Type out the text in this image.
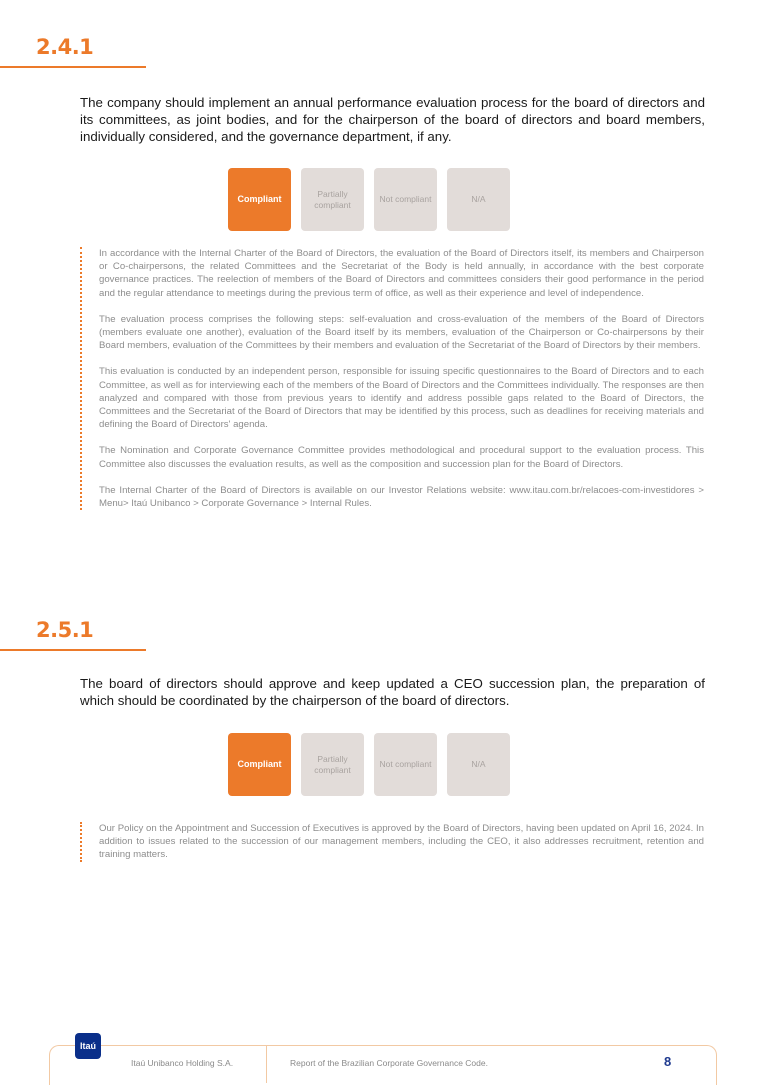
2.4.1
The company should implement an annual performance evaluation process for the board of directors and its committees, as joint bodies, and for the chairperson of the board of directors and board members, individually considered, and the governance department, if any.
Compliant
Partially compliant
Not compliant	N/A

In accordance with the Internal Charter of the Board of Directors, the evaluation of the Board of Directors itself, its members and Chairperson or Co-chairpersons, the related Committees and the Secretariat of the Body is held annually, in accordance with the best corporate governance practices. The reelection of members of the Board of Directors and committees considers their good performance in the period and the regular attendance to meetings during the previous term of office, as well as their experience and level of independence.

The evaluation process comprises the following steps: self-evaluation and cross-evaluation of the members of the Board of Directors (members evaluate one another), evaluation of the Board itself by its members, evaluation of the Chairperson or Co-chairpersons by their Board members, evaluation of the Committees by their members and evaluation of the Secretariat of the Board of Directors by their members.

This evaluation is conducted by an independent person, responsible for issuing specific questionnaires to the Board of Directors and to each Committee, as well as for interviewing each of the members of the Board of Directors and the Committees individually. The responses are then analyzed and compared with those from previous years to identify and address possible gaps related to the Board of Directors, the Committees and the Secretariat of the Board of Directors that may be identified by this process, such as deadlines for receiving materials and defining the Board of Directors' agenda.

The Nomination and Corporate Governance Committee provides methodological and procedural support to the evaluation process. This Committee also discusses the evaluation results, as well as the composition and succession plan for the Board of Directors.

The Internal Charter of the Board of Directors is available on our Investor Relations website: www.itau.com.br/relacoes-com-investidores > Menu> Itaú Unibanco > Corporate Governance > Internal Rules.

2.5.1
The board of directors should approve and keep updated a CEO succession plan, the preparation of which should be coordinated by the chairperson of the board of directors.
Compliant
Partially compliant
Not compliant	N/A

Our Policy on the Appointment and Succession of Executives is approved by the Board of Directors, having been updated on April 16, 2024. In addition to issues related to the succession of our management members, including the CEO, it also addresses recruitment, retention and training matters.

Itaú
Itaú Unibanco Holding S.A.	Report of the Brazilian Corporate Governance Code.	8
